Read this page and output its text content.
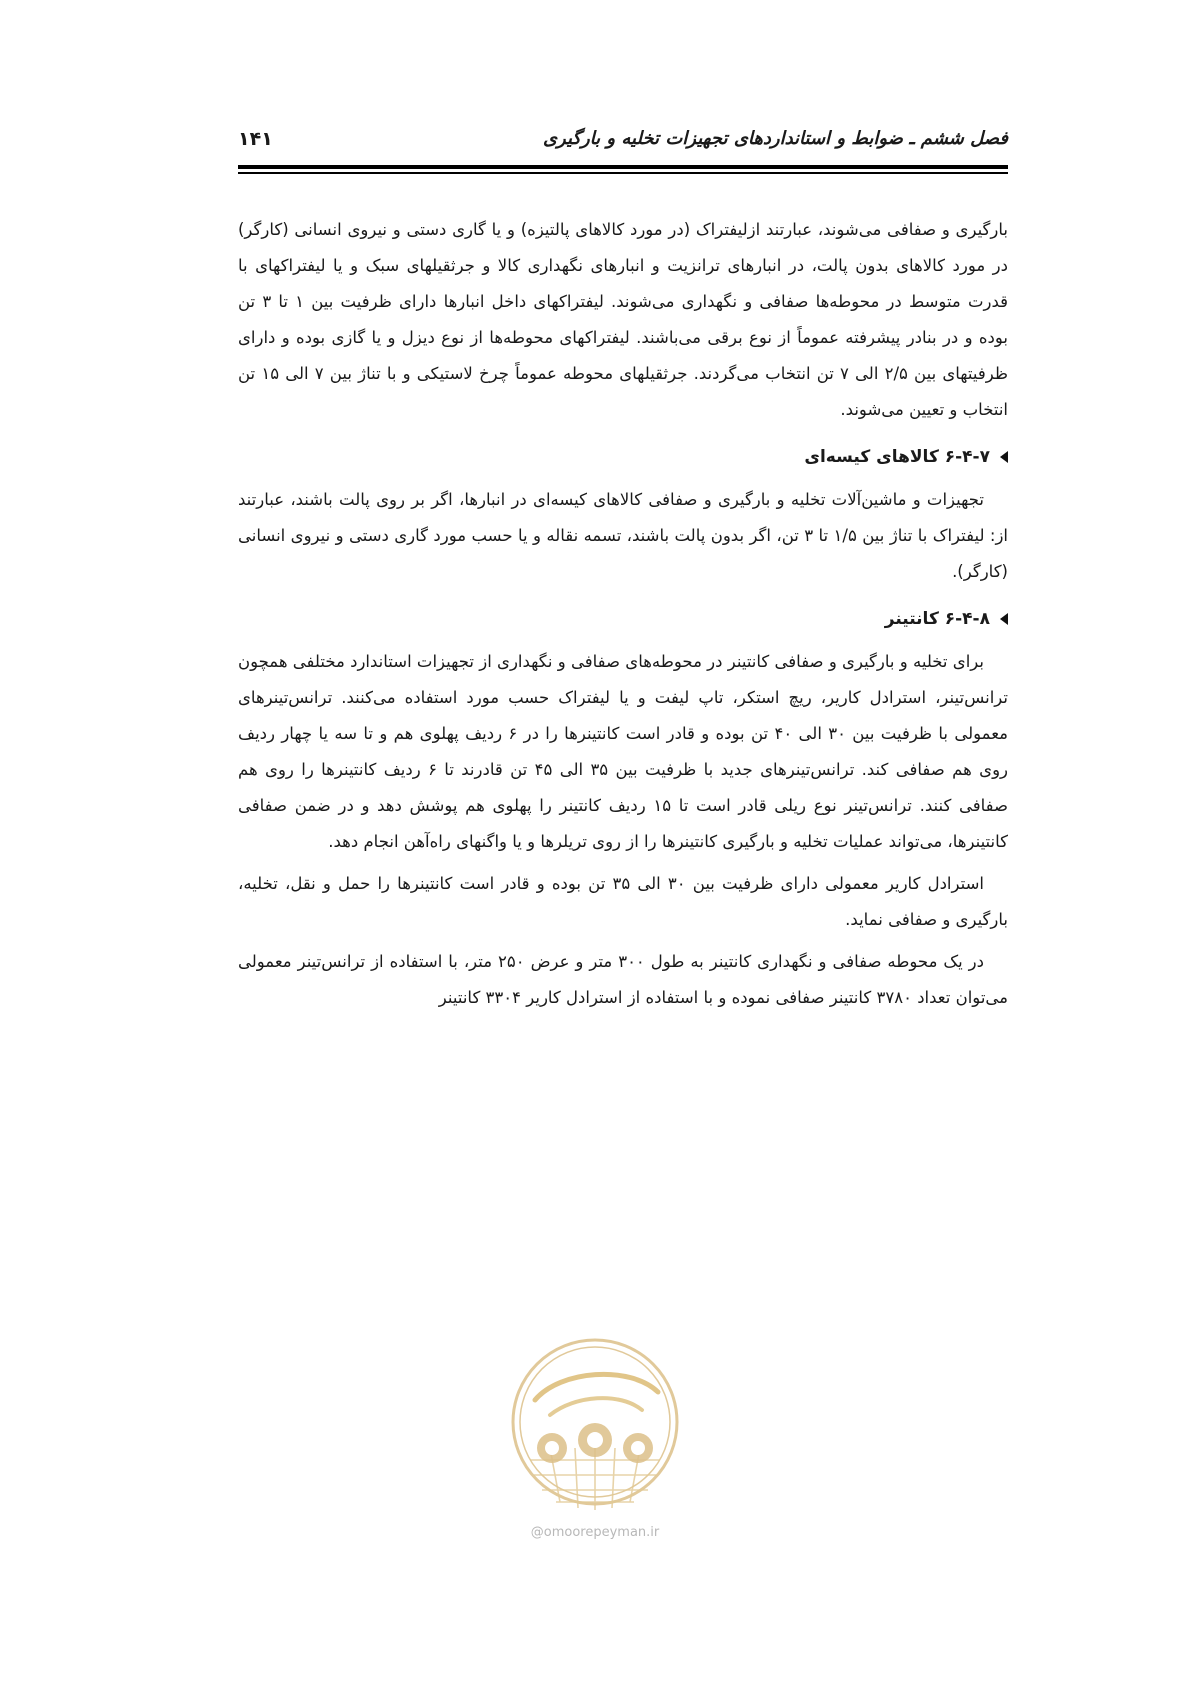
فصل ششم ـ ضوابط و استانداردهای تجهیزات تخلیه و بارگیری
۱۴۱

بارگیری و صفافی می‌شوند، عبارتند ازلیفتراک (در مورد کالاهای پالتیزه) و یا گاری دستی و نیروی انسانی (کارگر) در مورد کالاهای بدون پالت، در انبارهای ترانزیت و انبارهای نگهداری کالا و جرثقیلهای سبک و یا لیفتراکهای با قدرت متوسط در محوطه‌ها صفافی و نگهداری می‌شوند. لیفتراکهای داخل انبارها دارای ظرفیت بین ۱ تا ۳ تن بوده و در بنادر پیشرفته عموماً از نوع برقی می‌باشند. لیفتراکهای محوطه‌ها از نوع دیزل و یا گازی بوده و دارای ظرفیتهای بین ۲/۵ الی ۷ تن انتخاب می‌گردند. جرثقیلهای محوطه عموماً چرخ لاستیکی و با تناژ بین ۷ الی ۱۵ تن انتخاب و تعیین می‌شوند.

۶-۴-۷ کالاهای کیسه‌ای

تجهیزات و ماشین‌آلات تخلیه و بارگیری و صفافی کالاهای کیسه‌ای در انبارها، اگر بر روی پالت باشند، عبارتند از: لیفتراک با تناژ بین ۱/۵ تا ۳ تن، اگر بدون پالت باشند، تسمه نقاله و یا حسب مورد گاری دستی و نیروی انسانی (کارگر).

۶-۴-۸ کانتینر

برای تخلیه و بارگیری و صفافی کانتینر در محوطه‌های صفافی و نگهداری از تجهیزات استاندارد مختلفی همچون ترانس‌تینر، استرادل کاریر، ریچ استکر، تاپ لیفت و یا لیفتراک حسب مورد استفاده می‌کنند. ترانس‌تینرهای معمولی با ظرفیت بین ۳۰ الی ۴۰ تن بوده و قادر است کانتینرها را در ۶ ردیف پهلوی هم و تا سه یا چهار ردیف روی هم صفافی کند. ترانس‌تینرهای جدید با ظرفیت بین ۳۵ الی ۴۵ تن قادرند تا ۶ ردیف کانتینرها را روی هم صفافی کنند. ترانس‌تینر نوع ریلی قادر است تا ۱۵ ردیف کانتینر را پهلوی هم پوشش دهد و در ضمن صفافی کانتینرها، می‌تواند عملیات تخلیه و بارگیری کانتینرها را از روی تریلرها و یا واگنهای راه‌آهن انجام دهد.

استرادل کاریر معمولی دارای ظرفیت بین ۳۰ الی ۳۵ تن بوده و قادر است کانتینرها را حمل و نقل، تخلیه، بارگیری و صفافی نماید.

در یک محوطه صفافی و نگهداری کانتینر به طول ۳۰۰ متر و عرض ۲۵۰ متر، با استفاده از ترانس‌تینر معمولی می‌توان تعداد ۳۷۸۰ کانتینر صفافی نموده و با استفاده از استرادل کاریر ۳۳۰۴ کانتینر

@omoorepeyman.ir
